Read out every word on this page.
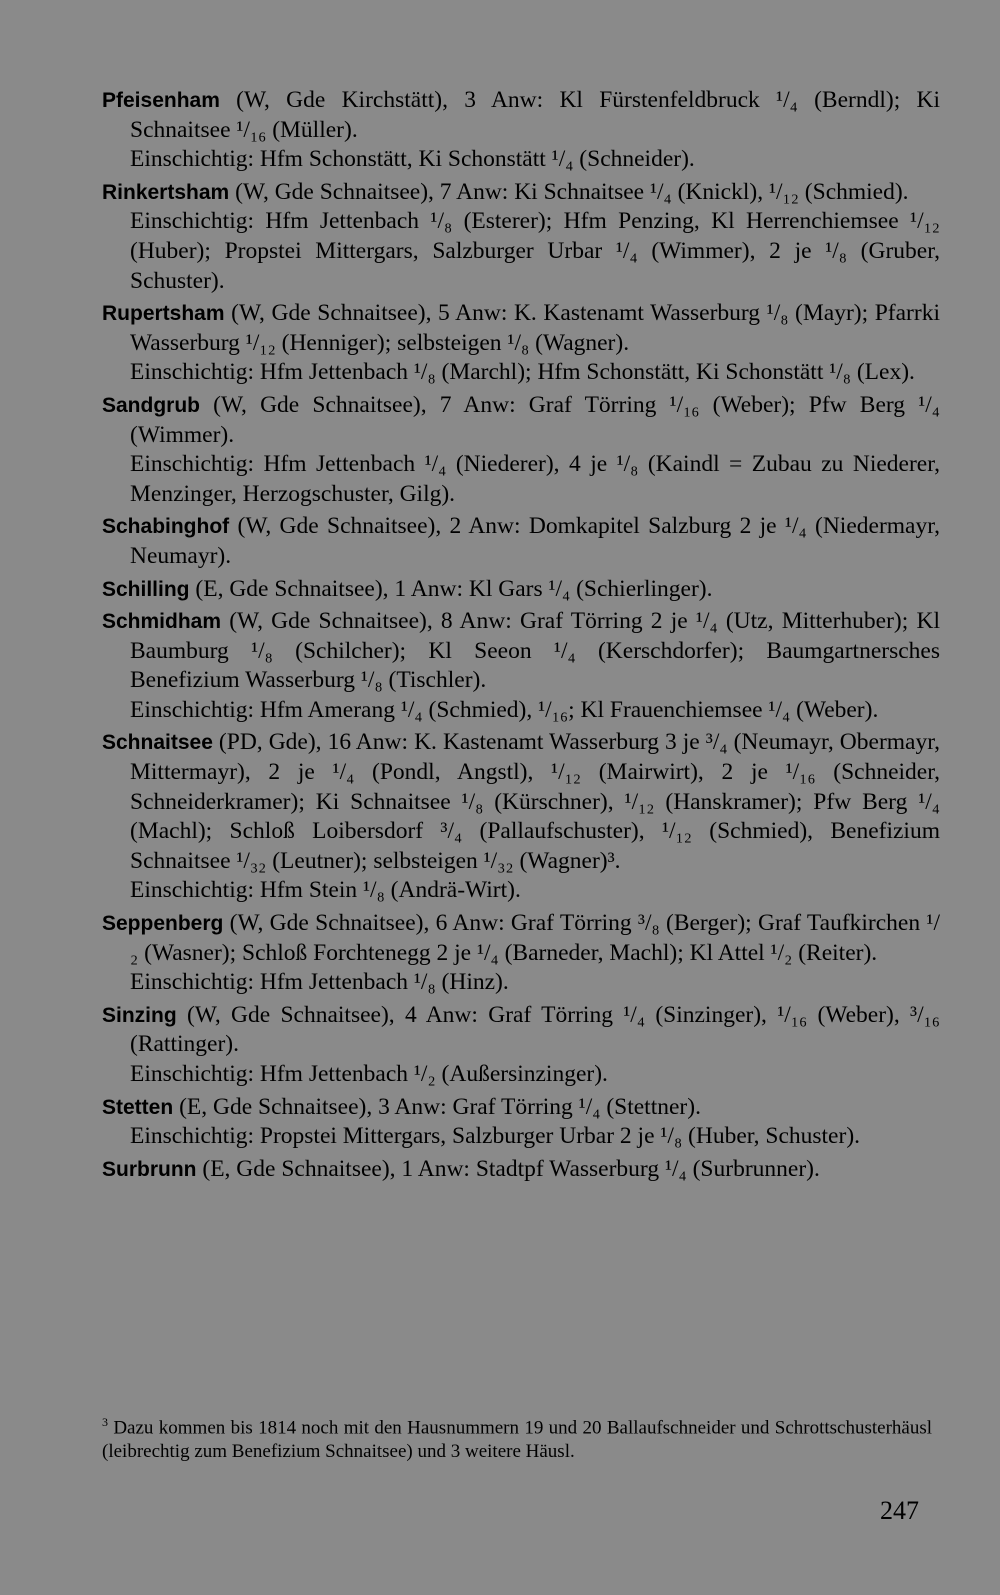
Pfeisenham (W, Gde Kirchstätt), 3 Anw: Kl Fürstenfeldbruck ¹/₄ (Berndl); Ki Schnaitsee ¹/₁₆ (Müller).

Einschichtig: Hfm Schonstätt, Ki Schonstätt ¹/₄ (Schneider).

Rinkertsham (W, Gde Schnaitsee), 7 Anw: Ki Schnaitsee ¹/₄ (Knickl), ¹/₁₂ (Schmied).

Einschichtig: Hfm Jettenbach ¹/₈ (Esterer); Hfm Penzing, Kl Herrenchiemsee ¹/₁₂ (Huber); Propstei Mittergars, Salzburger Urbar ¹/₄ (Wimmer), 2 je ¹/₈ (Gruber, Schuster).

Rupertsham (W, Gde Schnaitsee), 5 Anw: K. Kastenamt Wasserburg ¹/₈ (Mayr); Pfarrki Wasserburg ¹/₁₂ (Henniger); selbsteigen ¹/₈ (Wagner).

Einschichtig: Hfm Jettenbach ¹/₈ (Marchl); Hfm Schonstätt, Ki Schonstätt ¹/₈ (Lex).

Sandgrub (W, Gde Schnaitsee), 7 Anw: Graf Törring ¹/₁₆ (Weber); Pfw Berg ¹/₄ (Wimmer).

Einschichtig: Hfm Jettenbach ¹/₄ (Niederer), 4 je ¹/₈ (Kaindl = Zubau zu Niederer, Menzinger, Herzogschuster, Gilg).

Schabinghof (W, Gde Schnaitsee), 2 Anw: Domkapitel Salzburg 2 je ¹/₄ (Niedermayr, Neumayr).

Schilling (E, Gde Schnaitsee), 1 Anw: Kl Gars ¹/₄ (Schierlinger).

Schmidham (W, Gde Schnaitsee), 8 Anw: Graf Törring 2 je ¹/₄ (Utz, Mitterhuber); Kl Baumburg ¹/₈ (Schilcher); Kl Seeon ¹/₄ (Kerschdorfer); Baumgartnersches Benefizium Wasserburg ¹/₈ (Tischler).

Einschichtig: Hfm Amerang ¹/₄ (Schmied), ¹/₁₆; Kl Frauenchiemsee ¹/₄ (Weber).

Schnaitsee (PD, Gde), 16 Anw: K. Kastenamt Wasserburg 3 je ³/₄ (Neumayr, Obermayr, Mittermayr), 2 je ¹/₄ (Pondl, Angstl), ¹/₁₂ (Mairwirt), 2 je ¹/₁₆ (Schneider, Schneiderkramer); Ki Schnaitsee ¹/₈ (Kürschner), ¹/₁₂ (Hanskramer); Pfw Berg ¹/₄ (Machl); Schloß Loibersdorf ³/₄ (Pallaufschuster), ¹/₁₂ (Schmied), Benefizium Schnaitsee ¹/₃₂ (Leutner); selbsteigen ¹/₃₂ (Wagner)³.

Einschichtig: Hfm Stein ¹/₈ (Andrä-Wirt).

Seppenberg (W, Gde Schnaitsee), 6 Anw: Graf Törring ³/₈ (Berger); Graf Taufkirchen ¹/₂ (Wasner); Schloß Forchtenegg 2 je ¹/₄ (Barneder, Machl); Kl Attel ¹/₂ (Reiter).

Einschichtig: Hfm Jettenbach ¹/₈ (Hinz).

Sinzing (W, Gde Schnaitsee), 4 Anw: Graf Törring ¹/₄ (Sinzinger), ¹/₁₆ (Weber), ³/₁₆ (Rattinger).

Einschichtig: Hfm Jettenbach ¹/₂ (Außersinzinger).

Stetten (E, Gde Schnaitsee), 3 Anw: Graf Törring ¹/₄ (Stettner).

Einschichtig: Propstei Mittergars, Salzburger Urbar 2 je ¹/₈ (Huber, Schuster).

Surbrunn (E, Gde Schnaitsee), 1 Anw: Stadtpf Wasserburg ¹/₄ (Surbrunner).

$^3$ Dazu kommen bis 1814 noch mit den Hausnummern 19 und 20 Ballaufschneider und Schrottschusterhäusl (leibrechtig zum Benefizium Schnaitsee) und 3 weitere Häusl.
247
